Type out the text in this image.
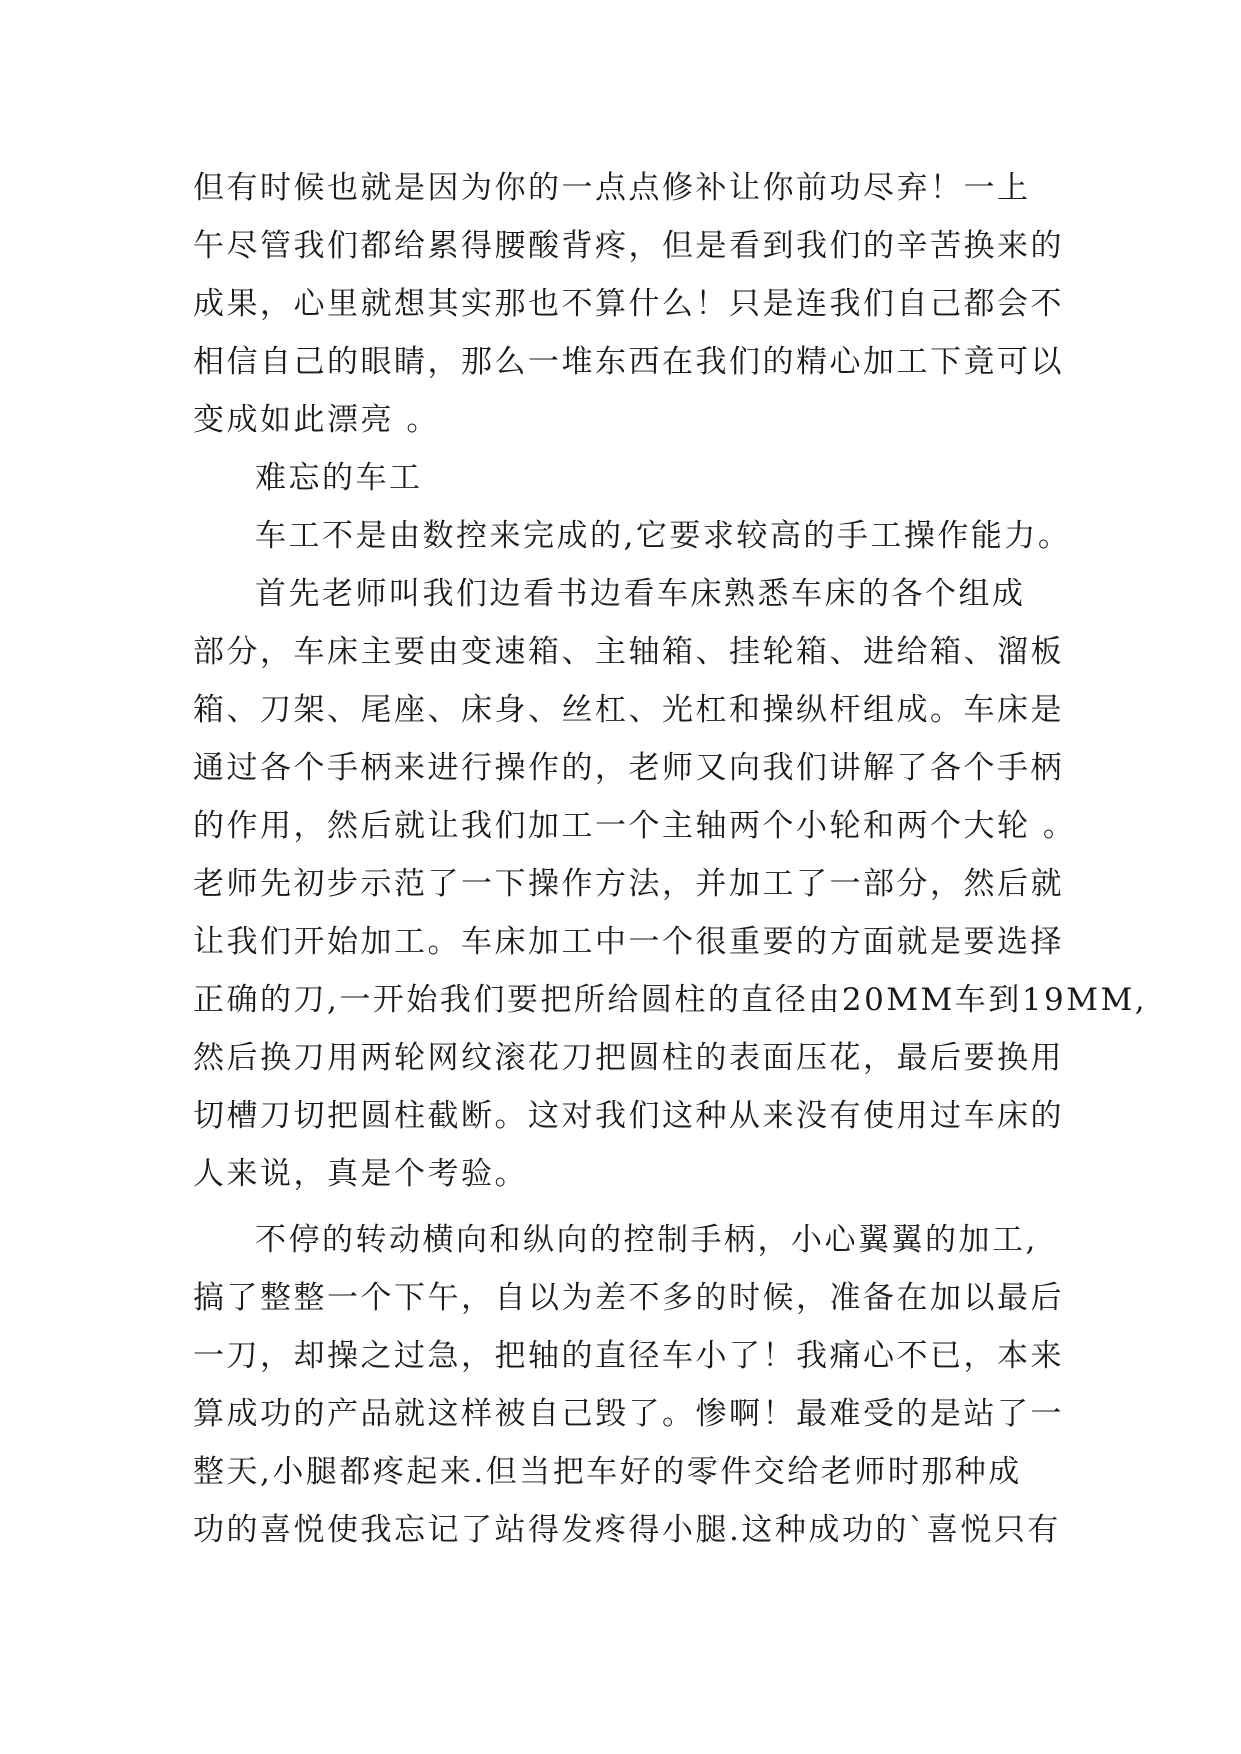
但有时候也就是因为你的一点点修补让你前功尽弃！一上
午尽管我们都给累得腰酸背疼，但是看到我们的辛苦换来的
成果，心里就想其实那也不算什么！只是连我们自己都会不
相信自己的眼睛，那么一堆东西在我们的精心加工下竟可以
变成如此漂亮 。
难忘的车工
车工不是由数控来完成的,它要求较高的手工操作能力。
首先老师叫我们边看书边看车床熟悉车床的各个组成
部分，车床主要由变速箱、主轴箱、挂轮箱、进给箱、溜板
箱、刀架、尾座、床身、丝杠、光杠和操纵杆组成。车床是
通过各个手柄来进行操作的，老师又向我们讲解了各个手柄
的作用，然后就让我们加工一个主轴两个小轮和两个大轮 。
老师先初步示范了一下操作方法，并加工了一部分，然后就
让我们开始加工。车床加工中一个很重要的方面就是要选择
正确的刀,一开始我们要把所给圆柱的直径由20MM车到19MM,
然后换刀用两轮网纹滚花刀把圆柱的表面压花，最后要换用
切槽刀切把圆柱截断。这对我们这种从来没有使用过车床的
人来说，真是个考验。
不停的转动横向和纵向的控制手柄，小心翼翼的加工,
搞了整整一个下午，自以为差不多的时候，准备在加以最后
一刀，却操之过急，把轴的直径车小了！我痛心不已，本来
算成功的产品就这样被自己毁了。惨啊！最难受的是站了一
整天,小腿都疼起来.但当把车好的零件交给老师时那种成
功的喜悦使我忘记了站得发疼得小腿.这种成功的`喜悦只有
